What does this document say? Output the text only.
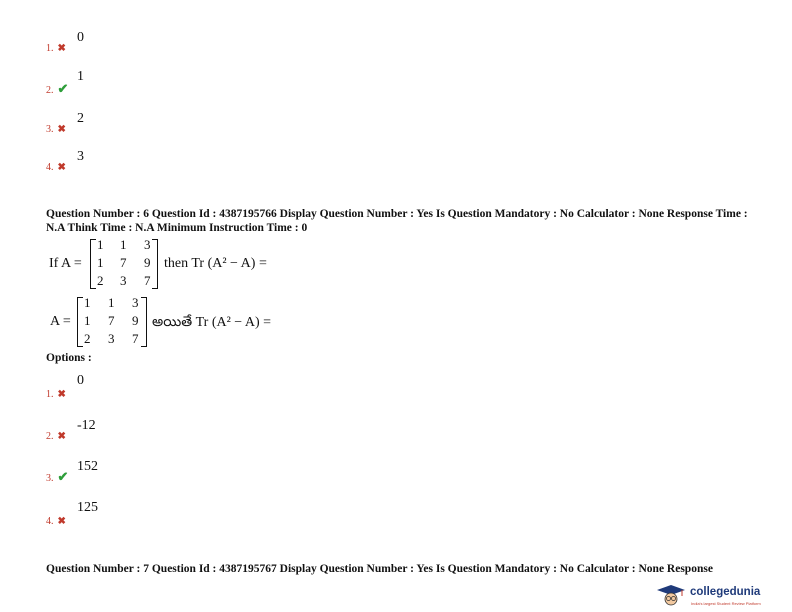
1. ✖
0
2. ✔
1
3. ✖
2
4. ✖
3
Question Number : 6 Question Id : 4387195766 Display Question Number : Yes Is Question Mandatory : No Calculator : None Response Time : N.A Think Time : N.A Minimum Instruction Time : 0
If A =
1 1 3
1 7 9
2 3 7
then Tr (A² − A) =
A =
1 1 3
1 7 9
2 3 7
అయితే Tr (A² − A) =
Options :
1. ✖
0
2. ✖
-12
3. ✔
152
4. ✖
125
Question Number : 7 Question Id : 4387195767 Display Question Number : Yes Is Question Mandatory : No Calculator : None Response
collegedunia
India's largest Student Review Platform
